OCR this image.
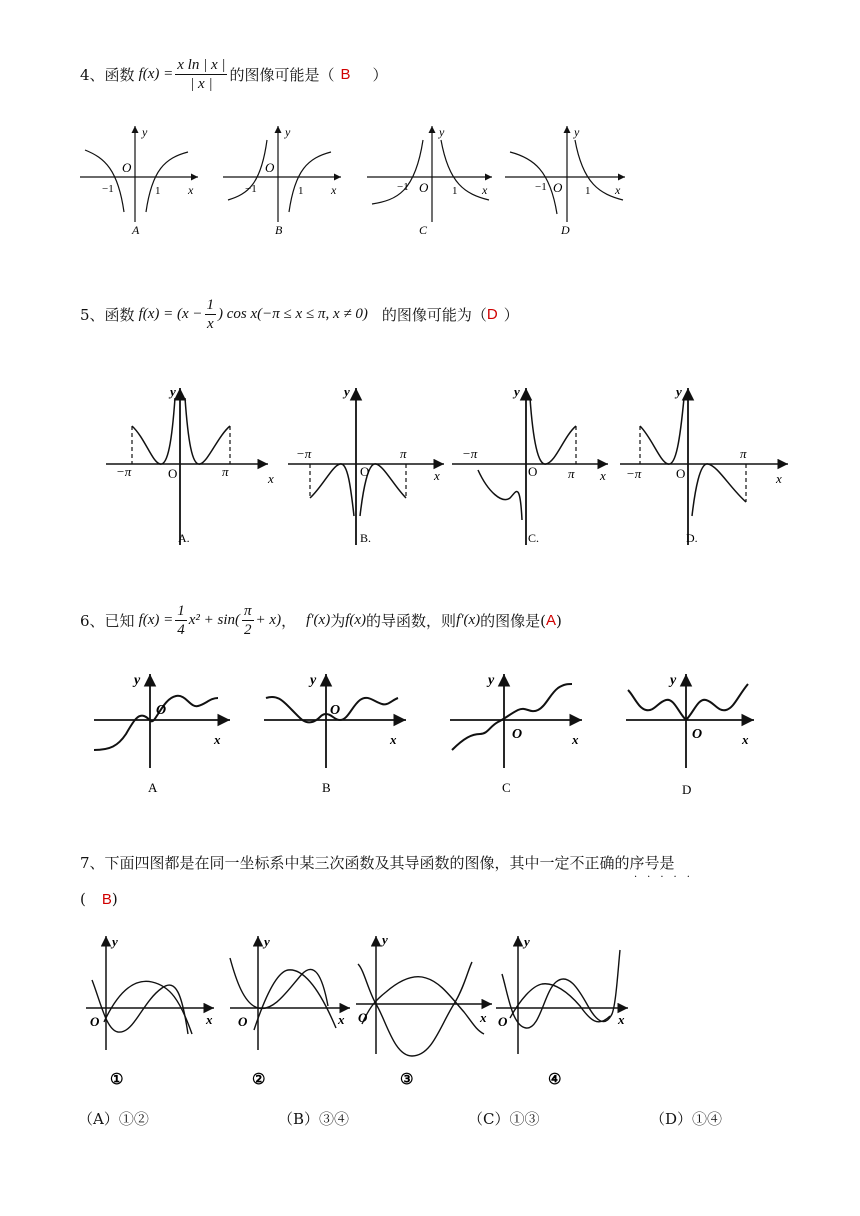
4、 函数 $f(x) = \frac{\text{x ln | x |}}{| x |}$ 的图像可能是（ B ）
y
O
x
−1	1
A
y
O
x
−1	1
B
y
O	x
−1	1
C
y
O	x
−1	1
D
5、 函数 $f(x) = (x - \frac{1}{x}$ ) cos x(−π ≤ x ≤ π, x ≠ 0) 的图像可能为（ D ）
y
O	x
−π	π
A.
y
O	x
−π	π
B.
y
O	x
−π
π
C.
y
O	x
−π
π
D.
6、 已知 $f(x) = \frac{1}{4} x^2 + \sin( \frac{\pi}{2} + x)$ ， f′(x) 为 f(x) 的导函数，则 f′(x) 的图像是( A )
y
O
x
A
y
O
x
B
y
O	x
C
y
O	x
D
7、 下面四图都是在同一坐标系中某三次函数及其导函数的图像，其中一定不正确的序号是
·····
( B )
y
O	x
①
y
O	x
②
y
O	x
③
y
O	x
④
（A）①②	（B）③④	（C）①③	（D）①④
